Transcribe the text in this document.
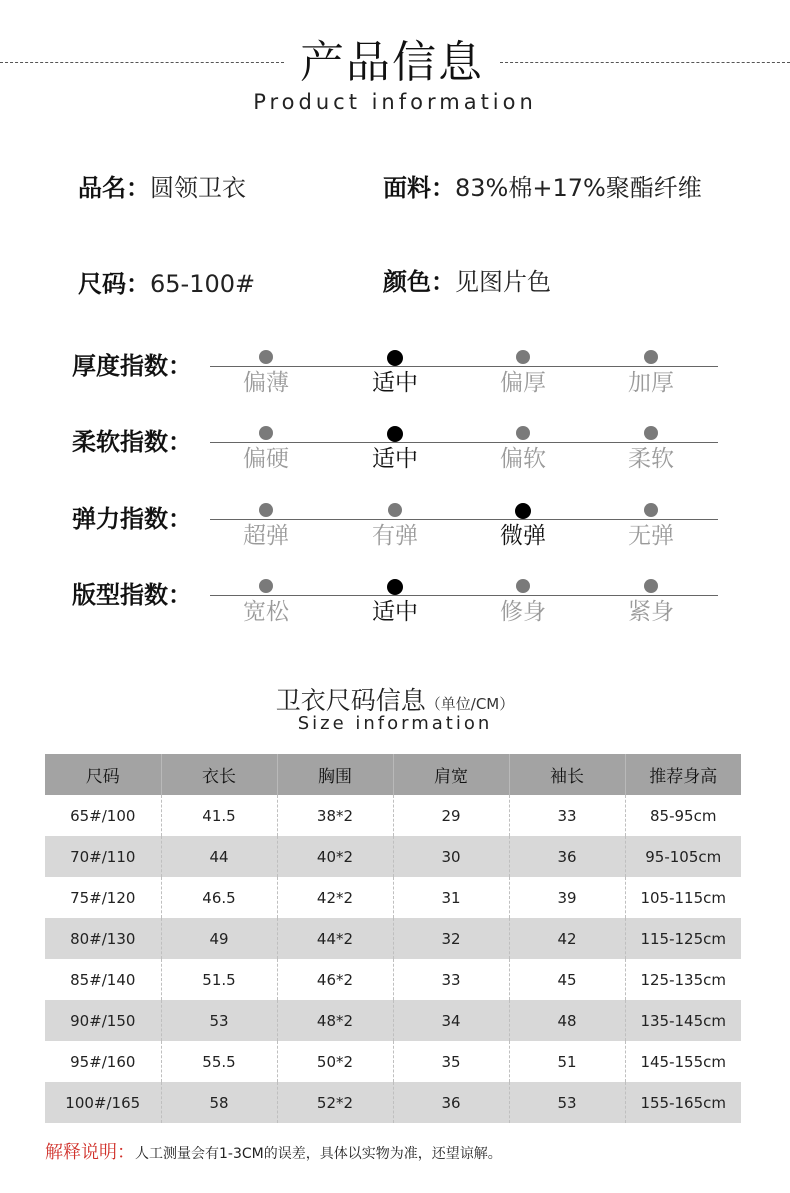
产品信息
Product information
品名：圆领卫衣	面料：83%棉+17%聚酯纤维
尺码：65-100#	颜色：见图片色
厚度指数：
偏薄	适中	偏厚	加厚
柔软指数：
偏硬	适中	偏软	柔软
弹力指数：
超弹	有弹	微弹	无弹
版型指数：
宽松	适中	修身	紧身
卫衣尺码信息（单位/CM）
Size information
尺码	衣长	胸围	肩宽	袖长	推荐身高
65#/100	41.5	38*2	29	33	85-95cm
70#/110	44	40*2	30	36	95-105cm
75#/120	46.5	42*2	31	39	105-115cm
80#/130	49	44*2	32	42	115-125cm
85#/140	51.5	46*2	33	45	125-135cm
90#/150	53	48*2	34	48	135-145cm
95#/160	55.5	50*2	35	51	145-155cm
100#/165	58	52*2	36	53	155-165cm
解释说明：人工测量会有1-3CM的误差，具体以实物为准，还望谅解。
